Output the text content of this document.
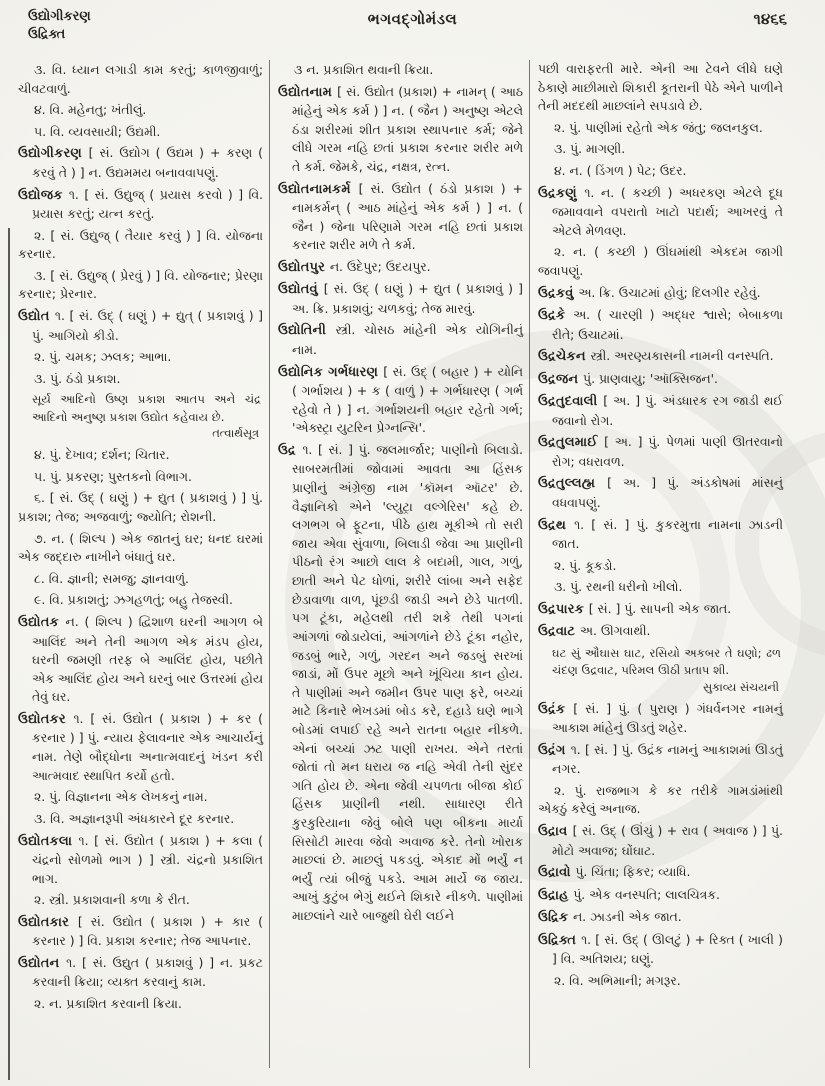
ઉદ્યોગીકરણ
ઉદ્રિક્ત
ભગવદ્ગોમંડલ	૧૪૬૬

૩. વિ. ધ્યાન લગાડી કામ કરતું; કાળજીવાળું; ચીવટવાળું.

૪. વિ. મહેનતુ; ખંતીલું.

૫. વિ. વ્યવસાયી; ઉદ્યમી.

ઉદ્યોગીકરણ [ સં. ઉદ્યોગ ( ઉદ્યમ ) + કરણ ( કરવું તે ) ] ન. ઉદ્યમમય બનાવવાપણું.

ઉદ્યોજક ૧. [ સં. ઉદ્યુજ્ ( પ્રયાસ કરવો ) ] વિ. પ્રયાસ કરતું; યત્ન કરતું.

૨. [ સં. ઉદ્યુજ્ ( તૈયાર કરવું ) ] વિ. યોજના કરનાર.

૩. [ સં. ઉદ્યુજ્ ( પ્રેરવું ) ] વિ. યોજનાર; પ્રેરણા કરનાર; પ્રેરનાર.

ઉદ્યોત ૧. [ સં. ઉદ્ ( ઘણું ) + દ્યુત્ ( પ્રકાશવું ) ] પું. આગિયો કીડો.

૨. પું. ચમક; ઝલક; આભા.

૩. પું. ઠંડો પ્રકાશ.

સૂર્ય આદિનો ઉષ્ણ પ્રકાશ આતપ અને ચંદ્ર આદિનો અનુષ્ણ પ્રકાશ ઉદ્યોત કહેવાય છે.

તત્વાર્થસૂત્ર

૪. પું. દેખાવ; દર્શન; ચિતાર.

૫. પું. પ્રકરણ; પુસ્તકનો વિભાગ.

૬. [ સં. ઉદ્ ( ઘણું ) + દ્યુત ( પ્રકાશવું ) ] પું. પ્રકાશ; તેજ; અજવાળું; જ્યોતિ; રોશની.

૭. ન. ( શિલ્પ ) એક જાતનું ઘર; ધનદ ઘરમાં એક જદ્દારુ નાખીને બંધાતું ઘર.

૮. વિ. જ્ઞાની; સમજુ; જ્ઞાનવાળું.

૯. વિ. પ્રકાશતું; ઝગહળતું; બહુ તેજસ્વી.

ઉદ્યોતક ન. ( શિલ્પ ) દ્વિશાળ ઘરની આગળ બે આલિંદ અને તેની આગળ એક મંડપ હોય, ઘરની જમણી તરફ બે આલિંદ હોય, પછીતે એક આલિંદ હોય અને ઘરનું બાર ઉત્તરમાં હોય તેવું ઘર.

ઉદ્યોતકર ૧. [ સં. ઉદ્યોત ( પ્રકાશ ) + કર ( કરનાર ) ] પું. ન્યાય ફેલાવનાર એક આચાર્યનું નામ. તેણે બૌદ્ધોના અનાત્મવાદનું ખંડન કરી આત્મવાદ સ્થાપિત કર્યો હતો.

૨. પું. વિજ્ઞાનના એક લેખકનું નામ.

૩. વિ. અજ્ઞાનરૂપી અંધકારને દૂર કરનાર.

ઉદ્યોતકલા ૧. [ સં. ઉદ્યોત ( પ્રકાશ ) + કલા ( ચંદ્રનો સોળમો ભાગ ) ] સ્ત્રી. ચંદ્રનો પ્રકાશિત ભાગ.

૨. સ્ત્રી. પ્રકાશવાની કળા કે રીત.

ઉદ્યોતકાર [ સં. ઉદ્યોત ( પ્રકાશ ) + કાર ( કરનાર ) ] વિ. પ્રકાશ કરનાર; તેજ આપનાર.

ઉદ્યોતન ૧. [ સં. ઉદ્યુત ( પ્રકાશવું ) ] ન. પ્રકટ કરવાની ક્રિયા; વ્યક્ત કરવાનું કામ.

૨. ન. પ્રકાશિત કરવાની ક્રિયા.

૩ ન. પ્રકાશિત થવાની ક્રિયા.

ઉદ્યોતનામ [ સં. ઉદ્યોત (પ્રકાશ) + નામન્ ( આઠ માંહેનું એક કર્મ ) ] ન. ( જૈન ) અનુષ્ણ એટલે ઠંડા શરીરમાં શીત પ્રકાશ સ્થાપનાર કર્મ; જેને લીધે ગરમ નહિ છતાં પ્રકાશ કરનાર શરીર મળે તે કર્મ. જેમકે, ચંદ્ર, નક્ષત્ર, રત્ન.

ઉદ્યોતનામકર્મ [ સં. ઉદ્યોત ( ઠંડો પ્રકાશ ) + નામકર્મન્ ( આઠ માંહેનું એક કર્મ ) ] ન. ( જૈન ) જેના પરિણામે ગરમ નહિ છતાં પ્રકાશ કરનાર શરીર મળે તે કર્મ.

ઉદ્યોતપુર ન. ઉદેપુર; ઉદયપુર.

ઉદ્યોતવું [ સં. ઉદ્ ( ઘણું ) + દ્યુત ( પ્રકાશવું ) ] અ. ક્રિ. પ્રકાશવું; ચળકવું; તેજ મારવું.

ઉદ્યોતિની સ્ત્રી. ચોસઠ માંહેની એક યોગિનીનું નામ.

ઉદ્યોનિક ગર્ભધારણ [ સં. ઉદ્ ( બહાર ) + યોનિ ( ગર્ભાશય ) + ક ( વાળું ) + ગર્ભધારણ ( ગર્ભ રહેવો તે ) ] ન. ગર્ભાશયની બહાર રહેતો ગર્ભ; 'એક્સ્ટ્રા યુટરિન પ્રેગ્નન્સિ'.

ઉદ્ર ૧. [ સં. ] પું. જલમાર્જાર; પાણીનો બિલાડો. સાબરમતીમાં જોવામાં આવતા આ હિંસક પ્રાણીનું અંગ્રેજી નામ 'કૉમન ઑટર' છે. વૈજ્ઞાનિકો એને 'લ્યુટ્રા વલ્ગેરિસ' કહે છે. લગભગ બે ફૂટના, પીઠે હાથ મૂકીએ તો સરી જાય એવા સુંવાળા, બિલાડી જેવા આ પ્રાણીની પીઠનો રંગ આછો લાલ કે બદામી, ગાલ, ગળું, છાતી અને પેટ ધોળાં, શરીરે લાંબા અને સફેદ છેડાવાળા વાળ, પૂંછડી જાડી અને છેડે પાતળી. પગ ટૂંકા, મહેલથી તરી શકે તેથી પગનાં આંગળાં જોડાયેલાં, આંગળાંને છેડે ટૂંકા નહોર, જડબું ભારે, ગળું, ગરદન અને જડબું સરખાં જાડાં, મોં ઉપર મૂછો અને ખૂંચિયા કાન હોય. તે પાણીમાં અને જમીન ઉપર પાણ ફરે, બચ્ચાં માટે કિનારે ભેખડમાં બોડ કરે, દહાડે ઘણે ભાગે બોડમાં લપાઈ રહે અને રાતના બહાર નીકળે. એનાં બચ્ચાં ઝટ પાણી રાખય. એને તરતાં જોતાં તો મન ધરાય જ નહિ એવી તેની સુંદર ગતિ હોય છે. એના જેવી ચપળતા બીજા કોઈ હિંસક પ્રાણીની નથી. સાધારણ રીતે કુરકુરિયાના જેવું બોલે પણ બીકના માર્યા સિસોટી મારવા જેવો અવાજ કરે. તેનો ખોરાક માછલાં છે. માછલું પકડવું. એકાદ મોં ભર્યું ન ભર્યું ત્યાં બીજું પકડે. આમ માર્યે જ જાય. આખું કુટુંબ ભેગું થઈને શિકારે નીકળે. પાણીમાં માછલાંને ચારે બાજુથી ઘેરી લઈને

પછી વારાફરતી મારે. એની આ ટેવને લીધે ઘણે ઠેકાણે માછીમારો શિકારી કૂતરાની પેઠે એને પાળીને તેની મદદથી માછલાંને સપડાવે છે.

૨. પું. પાણીમાં રહેતો એક જંતુ; જલનકુલ.

૩. પું. માગણી.

૪. ન. ( ડિંગળ ) પેટ; ઉદર.

ઉદ્રકણું ૧. ન. ( કચ્છી ) અધરકણ એટલે દૂધ જમાવવાને વપરાતો ખાટો પદાર્થ; આખરવું તે એટલે મેળવણ.

૨. ન. ( કચ્છી ) ઊંઘમાંથી એકદમ જાગી જવાપણું.

ઉદ્રકવું અ. ક્રિ. ઉચાટમાં હોવું; દિલગીર રહેવું.

ઉદ્રકે અ. ( ચારણી ) અદ્ધર શ્વાસે; બેબાકળા રીતે; ઉચાટમાં.

ઉદ્રચેકન સ્ત્રી. અરણ્યકાસની નામની વનસ્પતિ.

ઉદ્રજન પું. પ્રાણવાયુ; 'ઑક્સિજન'.

ઉદ્રતુદવાલી [ અ. ] પું. અંડધારક રગ જાડી થઈ જવાનો રોગ.

ઉદ્રતુલમાઈ [ અ. ] પું. પેળમાં પાણી ઊતરવાનો રોગ; વધરાવળ.

ઉદ્રતુલ્લહ્મ [ અ. ] પું. અંડકોષમાં માંસનું વધવાપણું.

ઉદ્રથ ૧. [ સં. ] પું. કુકરમુત્તા નામના ઝાડની જાત.

૨. પું. કૂકડો.

૩. પું. રથની ધરીનો ખીલો.

ઉદ્રપારક [ સં. ] પું. સાપની એક જાત.

ઉદ્રવાટ અ. ઊગવાથી.

ઘટ સું ઔઘાસ ઘાટ, રસિયો અકબર તે ઘણો; ઢળ ચંદણ ઉદ્રવાટ, પરિમલ ઊઠી પ્રતાપ શી.

સુકાવ્ય સંચયની

ઉદ્રંક [ સં. ] પું. ( પુરાણ ) ગંધર્વનગર નામનું આકાશ માંહેનું ઊડતું શહેર.

ઉદ્રંગ ૧. [ સં. ] પું. ઉદ્રંક નામનું આકાશમાં ઊડતું નગર.

૨. પું. રાજભાગ કે કર તરીકે ગામડાંમાંથી એકઠું કરેલું અનાજ.

ઉદ્રાવ [ સં. ઉદ્ ( ઊંચું ) + રાવ ( અવાજ ) ] પું. મોટો અવાજ; ઘોંઘાટ.

ઉદ્રાવો પું. ચિંતા; ફિકર; વ્યાધિ.

ઉદ્રાહ પું. એક વનસ્પતિ; લાલચિત્રક.

ઉદ્રિક ન. ઝાડની એક જાત.

ઉદ્રિક્ત ૧. [ સં. ઉદ્ ( ઊલટું ) + રિક્ત ( ખાલી ) ] વિ. અતિશય; ઘણું.

૨. વિ. અભિમાની; મગરૂર.
